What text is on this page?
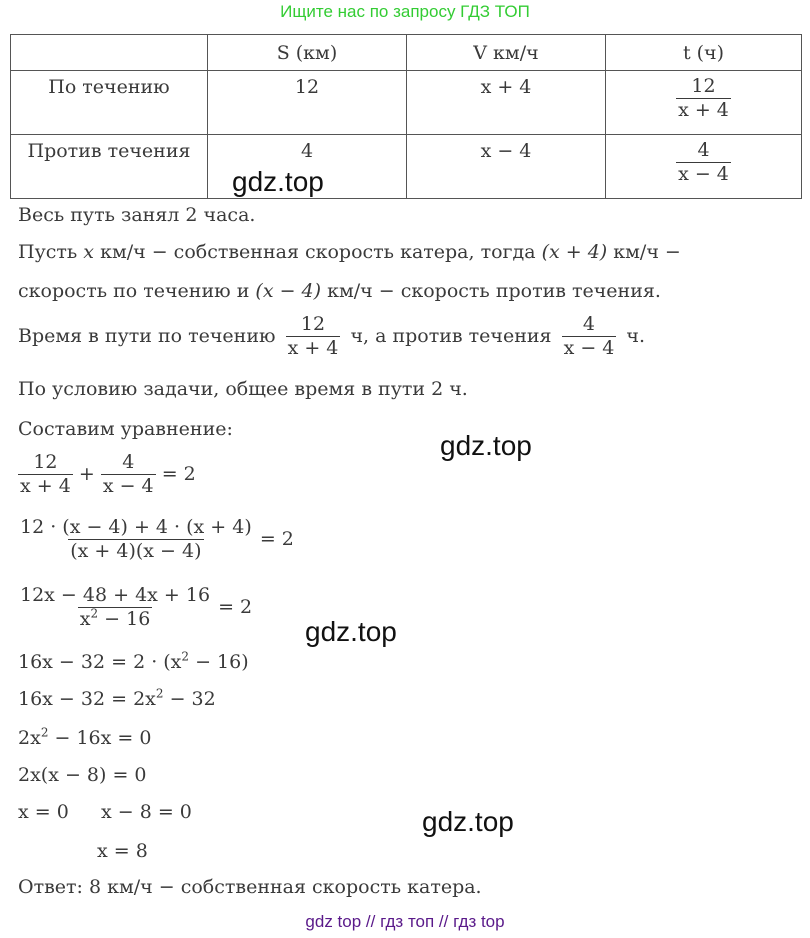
Ищите нас по запросу ГДЗ ТОП
	S (км)	V км/ч	t (ч)
По течению	12	x + 4	$\frac{12}{x + 4}$

Против течения	4	x − 4	$\frac{4}{x - 4}$
gdz.top
Весь путь занял 2 часа.
Пусть x км/ч − собственная скорость катера, тогда (x + 4) км/ч −
скорость по течению и (x − 4) км/ч − скорость против течения.
Время в пути по течению $\frac{12}{x + 4} ч$, а против течения $\frac{4}{x - 4} ч$.
По условию задачи, общее время в пути 2 ч.
Составим уравнение:
gdz.top
$\frac{12}{x + 4} + \frac{4}{x - 4} = 2$
$\frac{12 \cdot (x - 4) + 4 \cdot (x + 4)}{(x + 4)(x - 4)} = 2$
$\frac{12x - 48 + 4x + 16}{x^2 - 16} = 2$
gdz.top
$16x - 32 = 2 \cdot (x^2 - 16)$
$16x - 32 = 2x^2 - 32$
$2x^2 - 16x = 0$
2x(x − 8) = 0
x = 0 x − 8 = 0	gdz.top
x = 8
Ответ: 8 км/ч − собственная скорость катера.
gdz top // гдз топ // гдз top
